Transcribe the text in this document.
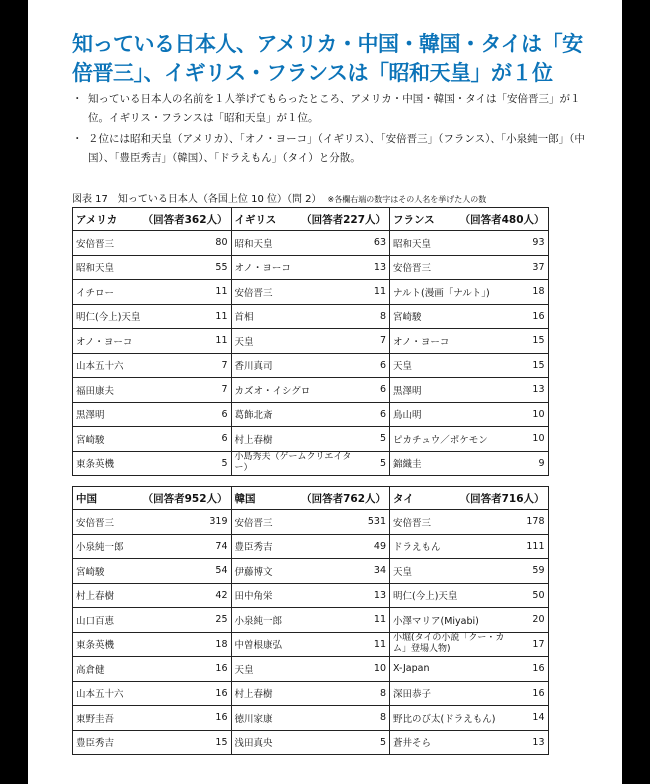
知っている日本人、アメリカ・中国・韓国・タイは「安倍晋三」、イギリス・フランスは「昭和天皇」が１位
・ 知っている日本人の名前を１人挙げてもらったところ、アメリカ・中国・韓国・タイは「安倍晋三」が１位。イギリス・フランスは「昭和天皇」が１位。
・ ２位には昭和天皇（アメリカ）、「オノ・ヨーコ」（イギリス）、「安倍晋三」（フランス）、「小泉純一郎」（中国）、「豊臣秀吉」（韓国）、「ドラえもん」（タイ）と分散。
図表 17　知っている日本人（各国上位 10 位）（問 2） ※各欄右端の数字はその人名を挙げた人の数
アメリカ （回答者362人）		イギリス （回答者227人）		フランス （回答者480人）	

安倍晋三	80	昭和天皇	63	昭和天皇	93
昭和天皇	55	オノ・ヨーコ	13	安倍晋三	37
イチロー	11	安倍晋三	11	ナルト(漫画「ナルト」)	18
明仁(今上)天皇	11	首相	8	宮崎駿	16
オノ・ヨーコ	11	天皇	7	オノ・ヨーコ	15
山本五十六	7	香川真司	6	天皇	15
福田康夫	7	カズオ・イシグロ	6	黒澤明	13
黒澤明	6	葛飾北斎	6	鳥山明	10
宮崎駿	6	村上春樹	5	ピカチュウ／ポケモン	10
東条英機	5	小島秀夫（ゲームクリエイター）	5	錦織圭	9
中国 （回答者952人）		韓国 （回答者762人）		タイ （回答者716人）	

安倍晋三	319	安倍晋三	531	安倍晋三	178
小泉純一郎	74	豊臣秀吉	49	ドラえもん	111
宮崎駿	54	伊藤博文	34	天皇	59
村上春樹	42	田中角栄	13	明仁(今上)天皇	50
山口百恵	25	小泉純一郎	11	小澤マリア(Miyabi)	20
東条英機	18	中曽根康弘	11	小堀(タイの小説「クー・カム」登場人物)	17
高倉健	16	天皇	10	X-Japan	16
山本五十六	16	村上春樹	8	深田恭子	16
東野圭吾	16	徳川家康	8	野比のび太(ドラえもん)	14
豊臣秀吉	15	浅田真央	5	蒼井そら	13
